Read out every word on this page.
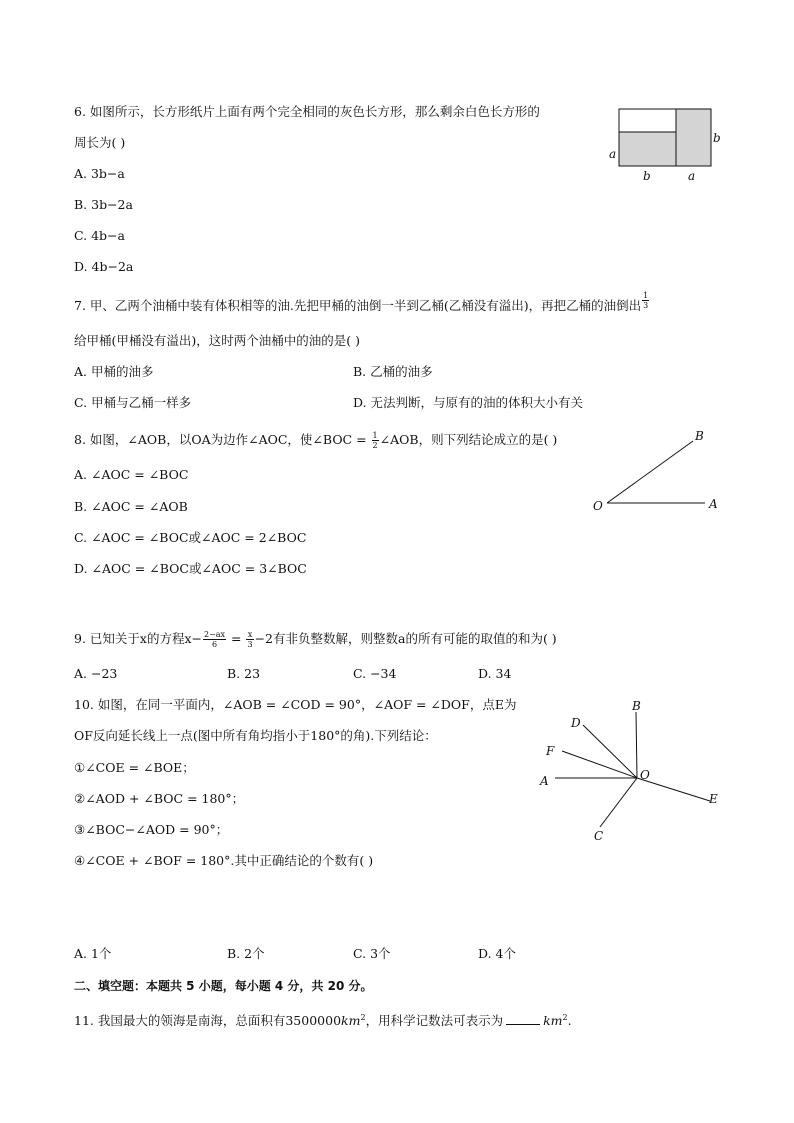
6. 如图所示，长方形纸片上面有两个完全相同的灰色长方形，那么剩余白色长方形的
周长为( )
A. 3b−a
B. 3b−2a
C. 4b−a
D. 4b−2a
a
b
b	a
7. 甲、乙两个油桶中装有体积相等的油.先把甲桶的油倒一半到乙桶(乙桶没有溢出)，再把乙桶的油倒出 $\frac{1}{3}$
给甲桶(甲桶没有溢出)，这时两个油桶中的油的是( )
A. 甲桶的油多	B. 乙桶的油多
C. 甲桶与乙桶一样多	D. 无法判断，与原有的油的体积大小有关
8. 如图，∠AOB，以OA为边作∠AOC，使∠BOC = $\frac{1}{2}$ ∠AOB，则下列结论成立的是( )
A. ∠AOC = ∠BOC
B. ∠AOC = ∠AOB
C. ∠AOC = ∠BOC或∠AOC = 2∠BOC
D. ∠AOC = ∠BOC或∠AOC = 3∠BOC
O	A
B
9. 已知关于x的方程$x- \frac{2-ax}{6} = \frac{x}{3} -2$有非负整数解，则整数a的所有可能的取值的和为( )
A. −23	B. 23	C. −34	D. 34
10. 如图，在同一平面内，∠AOB = ∠COD = 90°，∠AOF = ∠DOF，点E为
OF反向延长线上一点(图中所有角均指小于180°的角).下列结论：
①∠COE = ∠BOE；
②∠AOD + ∠BOC = 180°；
③∠BOC−∠AOD = 90°；
④∠COE + ∠BOF = 180°.其中正确结论的个数有( )
A. 1个	B. 2个	C. 3个	D. 4个
D
B
F
A	O
E
C
二、填空题：本题共 5 小题，每小题 4 分，共 20 分。
11. 我国最大的领海是南海，总面积有$3500000km^2$，用科学记数法可表示为	$km^2$.
